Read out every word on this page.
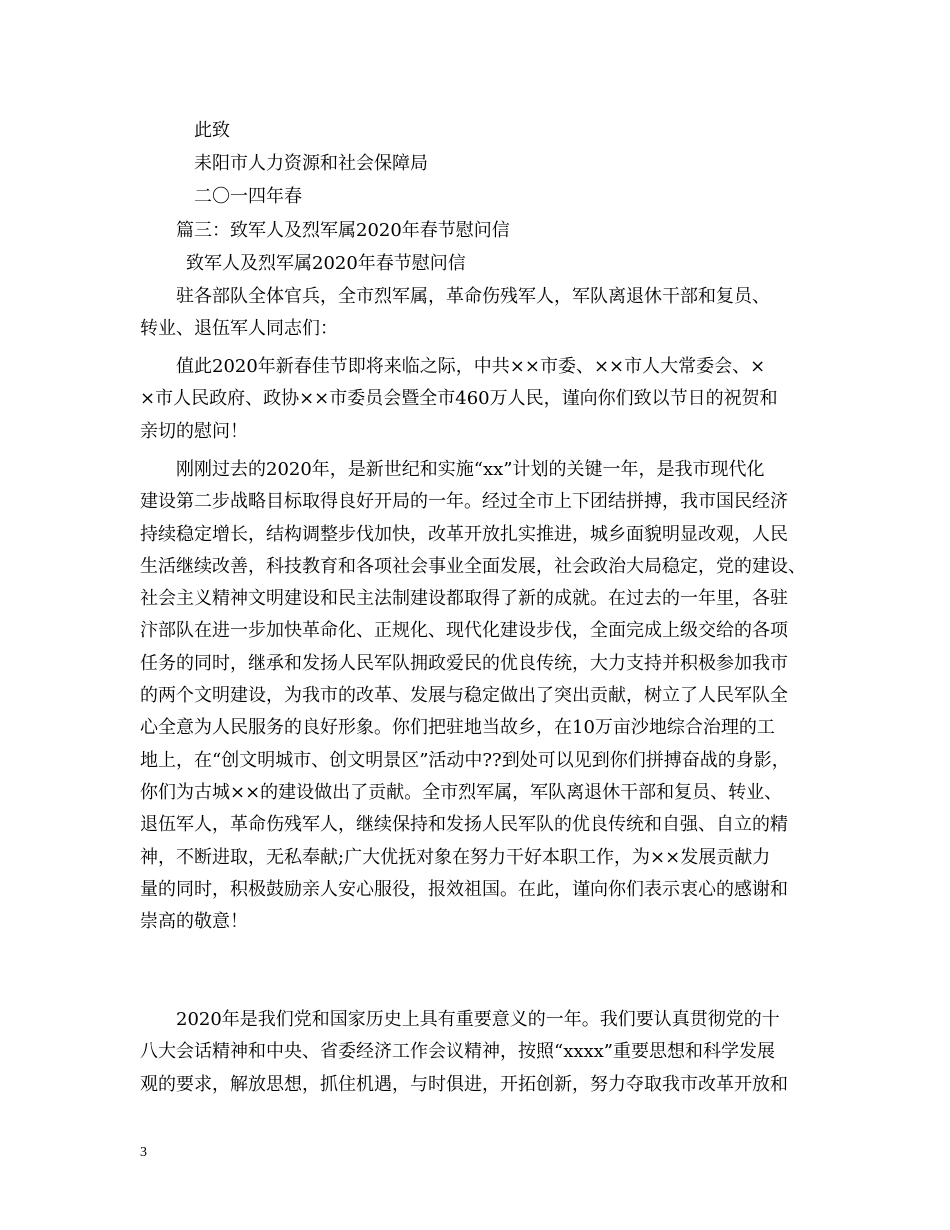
此致

耒阳市人力资源和社会保障局

二〇一四年春

篇三：致军人及烈军属2020年春节慰问信

致军人及烈军属2020年春节慰问信

驻各部队全体官兵，全市烈军属，革命伤残军人，军队离退休干部和复员、
转业、退伍军人同志们：

值此2020年新春佳节即将来临之际，中共××市委、××市人大常委会、×
×市人民政府、政协××市委员会暨全市460万人民，谨向你们致以节日的祝贺和
亲切的慰问！

刚刚过去的2020年，是新世纪和实施“xx”计划的关键一年，是我市现代化
建设第二步战略目标取得良好开局的一年。经过全市上下团结拼搏，我市国民经济
持续稳定增长，结构调整步伐加快，改革开放扎实推进，城乡面貌明显改观，人民
生活继续改善，科技教育和各项社会事业全面发展，社会政治大局稳定，党的建设、
社会主义精神文明建设和民主法制建设都取得了新的成就。在过去的一年里，各驻
汴部队在进一步加快革命化、正规化、现代化建设步伐，全面完成上级交给的各项
任务的同时，继承和发扬人民军队拥政爱民的优良传统，大力支持并积极参加我市
的两个文明建设，为我市的改革、发展与稳定做出了突出贡献，树立了人民军队全
心全意为人民服务的良好形象。你们把驻地当故乡，在10万亩沙地综合治理的工
地上，在“创文明城市、创文明景区”活动中??到处可以见到你们拼搏奋战的身影，
你们为古城××的建设做出了贡献。全市烈军属，军队离退休干部和复员、转业、
退伍军人，革命伤残军人，继续保持和发扬人民军队的优良传统和自强、自立的精
神，不断进取，无私奉献;广大优抚对象在努力干好本职工作，为××发展贡献力
量的同时，积极鼓励亲人安心服役，报效祖国。在此，谨向你们表示衷心的感谢和
崇高的敬意！

2020年是我们党和国家历史上具有重要意义的一年。我们要认真贯彻党的十
八大会话精神和中央、省委经济工作会议精神，按照“xxxx”重要思想和科学发展
观的要求，解放思想，抓住机遇，与时俱进，开拓创新，努力夺取我市改革开放和

3
